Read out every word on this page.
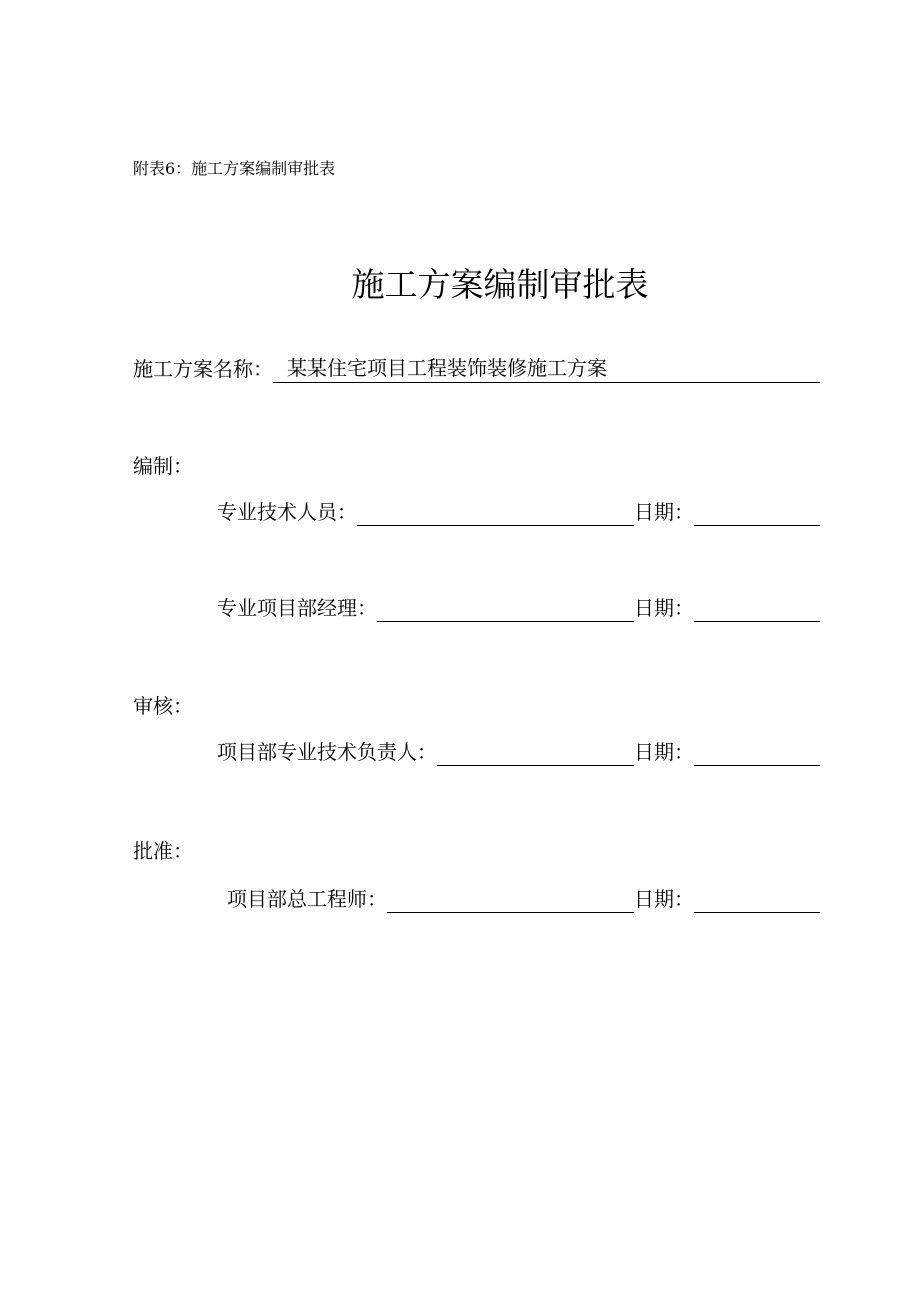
附表6：施工方案编制审批表
施工方案编制审批表
施工方案名称： 某某住宅项目工程装饰装修施工方案
编制：
专业技术人员：	日期：
专业项目部经理：	日期：
审核：
项目部专业技术负责人：	日期：
批准：
项目部总工程师：	日期：
